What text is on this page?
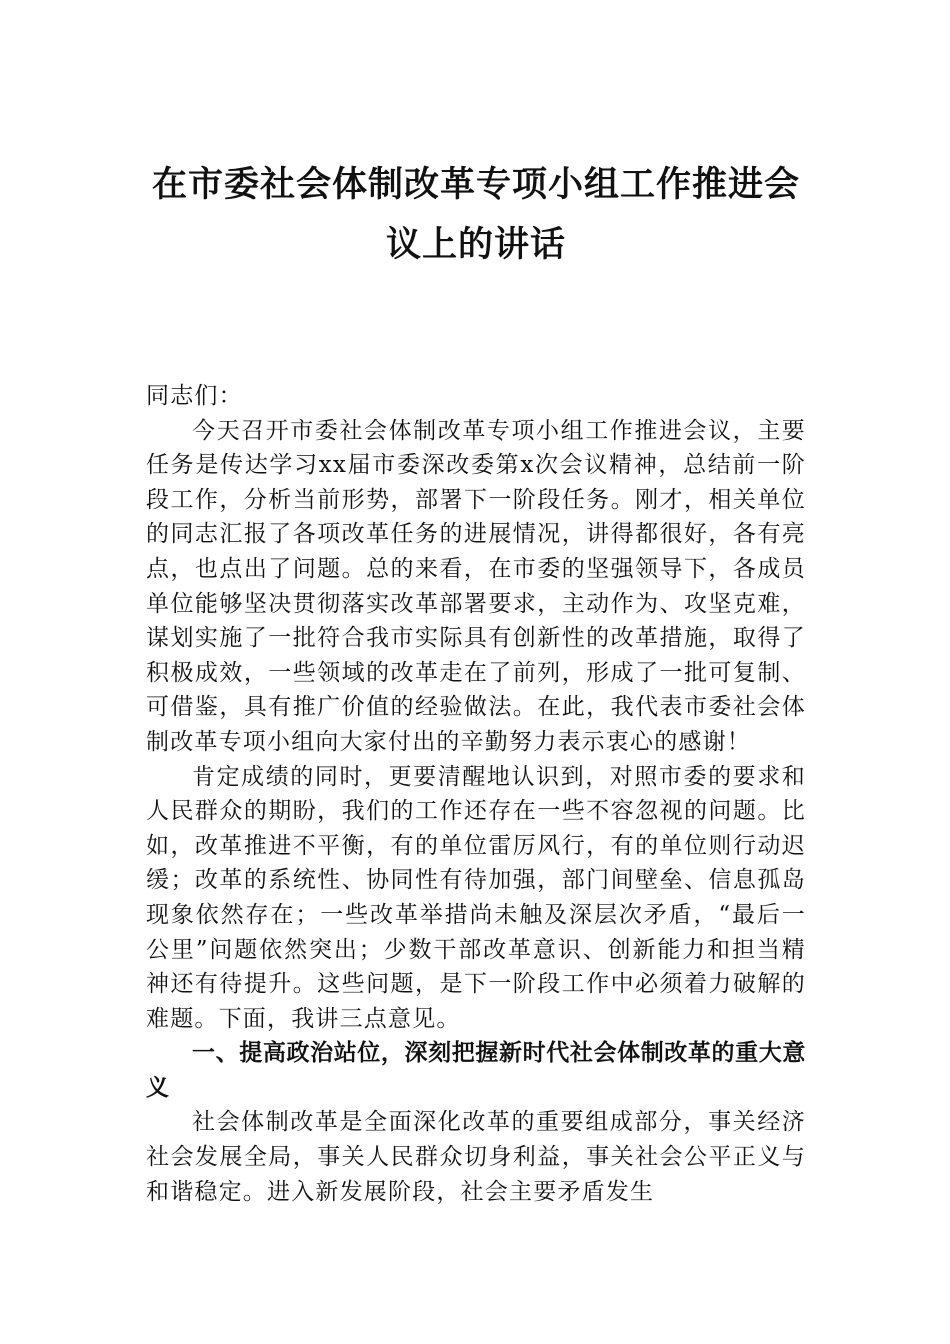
在市委社会体制改革专项小组工作推进会
议上的讲话

同志们：

今天召开市委社会体制改革专项小组工作推进会议，主要任务是传达学习xx届市委深改委第x次会议精神，总结前一阶段工作，分析当前形势，部署下一阶段任务。刚才，相关单位的同志汇报了各项改革任务的进展情况，讲得都很好，各有亮点，也点出了问题。总的来看，在市委的坚强领导下，各成员单位能够坚决贯彻落实改革部署要求，主动作为、攻坚克难，谋划实施了一批符合我市实际具有创新性的改革措施，取得了积极成效，一些领域的改革走在了前列，形成了一批可复制、可借鉴，具有推广价值的经验做法。在此，我代表市委社会体制改革专项小组向大家付出的辛勤努力表示衷心的感谢！

肯定成绩的同时，更要清醒地认识到，对照市委的要求和人民群众的期盼，我们的工作还存在一些不容忽视的问题。比如，改革推进不平衡，有的单位雷厉风行，有的单位则行动迟缓；改革的系统性、协同性有待加强，部门间壁垒、信息孤岛现象依然存在；一些改革举措尚未触及深层次矛盾，“最后一公里”问题依然突出；少数干部改革意识、创新能力和担当精神还有待提升。这些问题，是下一阶段工作中必须着力破解的难题。下面，我讲三点意见。

一、提高政治站位，深刻把握新时代社会体制改革的重大意义

社会体制改革是全面深化改革的重要组成部分，事关经济社会发展全局，事关人民群众切身利益，事关社会公平正义与和谐稳定。进入新发展阶段，社会主要矛盾发生
